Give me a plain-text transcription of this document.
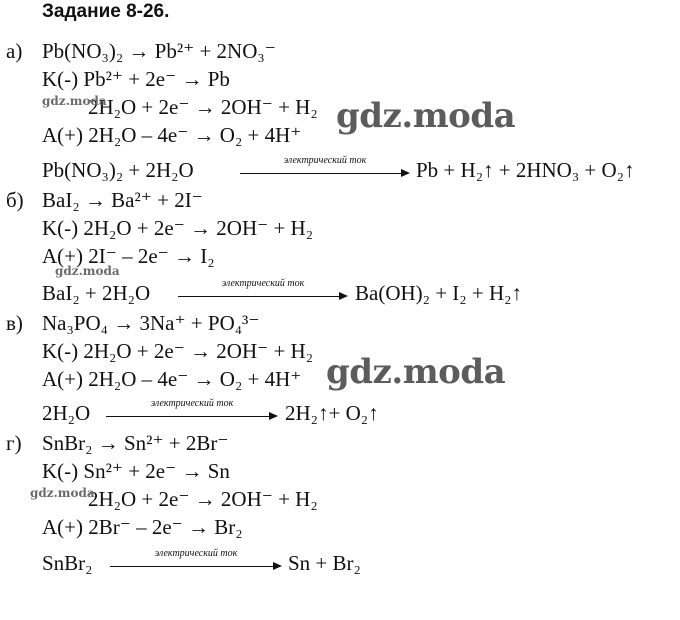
Задание 8-26.
а) Pb(NO₃)₂ → Pb²⁺ + 2NO₃⁻
K(-) Pb²⁺ + 2e⁻ → Pb
2H₂O + 2e⁻ → 2OH⁻ + H₂
A(+) 2H₂O – 4e⁻ → O₂ + 4H⁺
Pb(NO₃)₂ + 2H₂O	электрический ток	Pb + H₂↑ + 2HNO₃ + O₂↑
б) BaI₂ → Ba²⁺ + 2I⁻
K(-) 2H₂O + 2e⁻ → 2OH⁻ + H₂
A(+) 2I⁻ – 2e⁻ → I₂
BaI₂ + 2H₂O	электрический ток	Ba(OH)₂ + I₂ + H₂↑
в) Na₃PO₄ → 3Na⁺ + PO₄³⁻
K(-) 2H₂O + 2e⁻ → 2OH⁻ + H₂
A(+) 2H₂O – 4e⁻ → O₂ + 4H⁺
2H₂O	электрический ток	2H₂↑+ O₂↑
г) SnBr₂ → Sn²⁺ + 2Br⁻
K(-) Sn²⁺ + 2e⁻ → Sn
2H₂O + 2e⁻ → 2OH⁻ + H₂
A(+) 2Br⁻ – 2e⁻ → Br₂
SnBr₂	электрический ток	Sn + Br₂
gdz.moda	gdz.moda
gdz.moda
gdz.moda
gdz.moda
